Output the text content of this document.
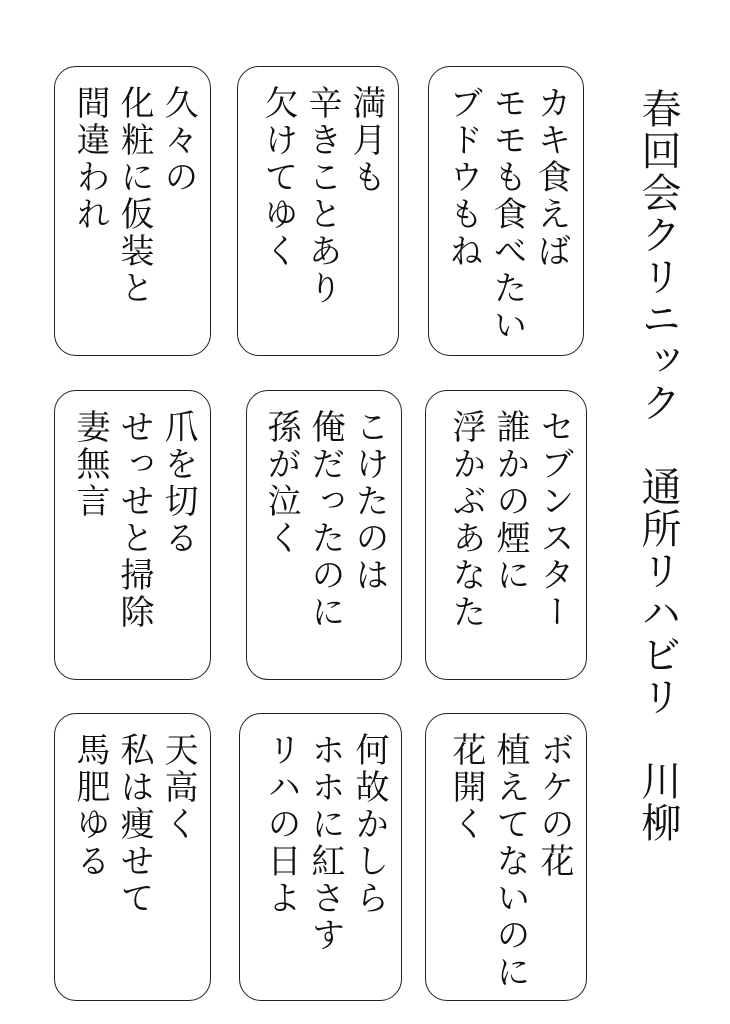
春回会クリニック　通所リハビリ　川柳
カキ食えば
モモも食べたい
ブドウもね
満月も
辛きことあり
欠けてゆく
久々の
化粧に仮装と
間違われ
セブンスター
誰かの煙に
浮かぶあなた
こけたのは
俺だったのに
孫が泣く
爪を切る
せっせと掃除
妻無言
ボケの花
植えてないのに
花開く
何故かしら
ホホに紅さす
リハの日よ
天高く
私は痩せて
馬肥ゆる
